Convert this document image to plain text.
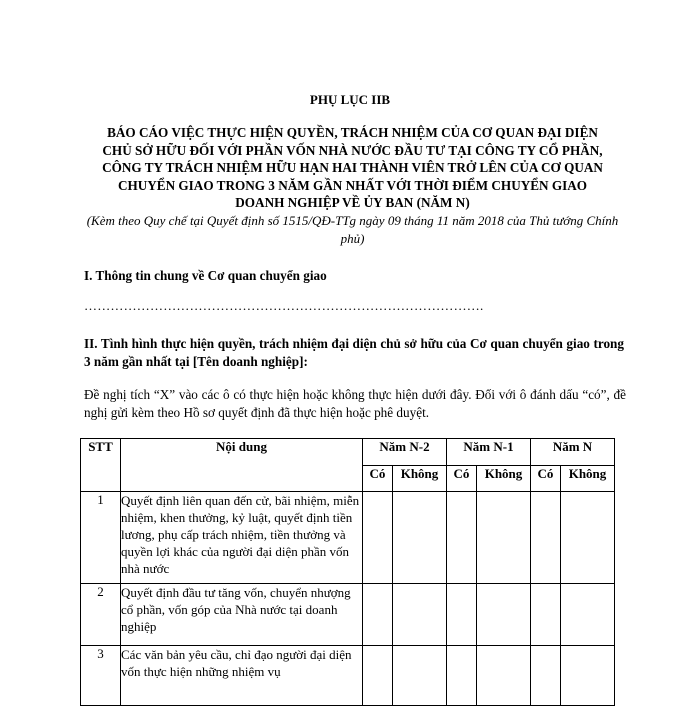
PHỤ LỤC IIB
BÁO CÁO VIỆC THỰC HIỆN QUYỀN, TRÁCH NHIỆM CỦA CƠ QUAN ĐẠI DIỆN CHỦ SỞ HỮU ĐỐI VỚI PHẦN VỐN NHÀ NƯỚC ĐẦU TƯ TẠI CÔNG TY CỔ PHẦN, CÔNG TY TRÁCH NHIỆM HỮU HẠN HAI THÀNH VIÊN TRỞ LÊN CỦA CƠ QUAN CHUYỂN GIAO TRONG 3 NĂM GẦN NHẤT VỚI THỜI ĐIỂM CHUYỂN GIAO DOANH NGHIỆP VỀ ỦY BAN (NĂM N)
(Kèm theo Quy chế tại Quyết định số 1515/QĐ-TTg ngày 09 tháng 11 năm 2018 của Thủ tướng Chính phủ)
I. Thông tin chung về Cơ quan chuyển giao
……………………………………………………………………………….
II. Tình hình thực hiện quyền, trách nhiệm đại diện chủ sở hữu của Cơ quan chuyển giao trong 3 năm gần nhất tại [Tên doanh nghiệp]:
Đề nghị tích “X” vào các ô có thực hiện hoặc không thực hiện dưới đây. Đối với ô đánh dấu “có”, đề nghị gửi kèm theo Hồ sơ quyết định đã thực hiện hoặc phê duyệt.
STT	Nội dung	Năm N-2		Năm N-1		Năm N	
		Có	Không	Có	Không	Có	Không
1	Quyết định liên quan đến cử, bãi nhiệm, miễn nhiệm, khen thưởng, kỷ luật, quyết định tiền lương, phụ cấp trách nhiệm, tiền thưởng và quyền lợi khác của người đại diện phần vốn nhà nước						
2	Quyết định đầu tư tăng vốn, chuyển nhượng cổ phần, vốn góp của Nhà nước tại doanh nghiệp						
3	Các văn bản yêu cầu, chỉ đạo người đại diện vốn thực hiện những nhiệm vụ						
